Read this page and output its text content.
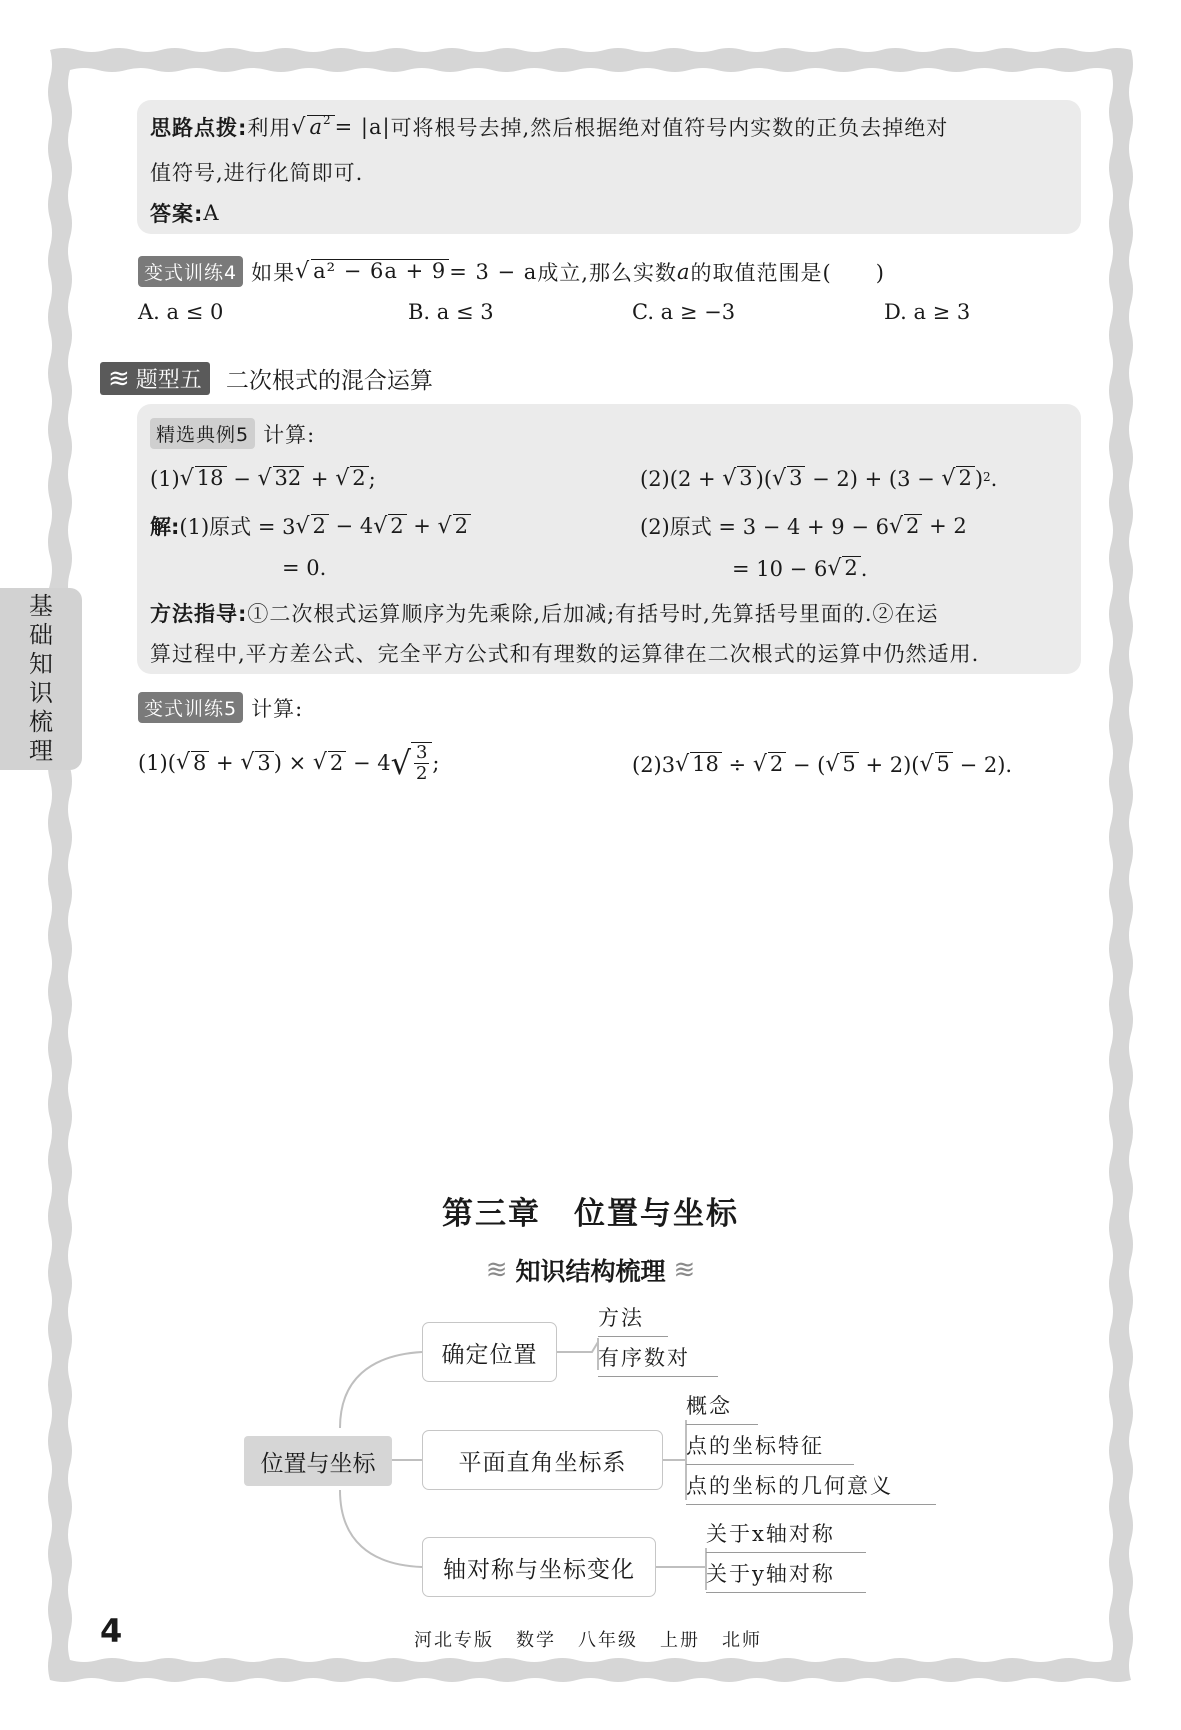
基
础
知
识
梳
理
思路点拨: 利用 √ $a^2 = |a|$ 可将根号去掉,然后根据绝对值符号内实数的正负去掉绝对
值符号,进行化简即可.
答案: A
变式训练4 如果 √ a² − 6a + 9 = 3 − a 成立,那么实数 a 的取值范围是(　　)
A. a ≤ 0	B. a ≤ 3	C. a ≥ −3	D. a ≥ 3
≋ 题型五 二次根式的混合运算
精选典例5 计算:
(1) √ 18 − √ 32 + √ 2 ;	(2) (2 + √ 3 )( √ 3 − 2) + (3 − √ 2 )$^2$ .
解: (1)原式 = 3 √ 2 − 4 √ 2 + √ 2	(2)原式 = 3 − 4 + 9 − 6 √ 2 + 2
= 0.	= 10 − 6 √ 2 .
方法指导: ①二次根式运算顺序为先乘除,后加减;有括号时,先算括号里面的.②在运
算过程中,平方差公式、完全平方公式和有理数的运算律在二次根式的运算中仍然适用.
变式训练5 计算:
(1) ( √ 8 + √ 3 ) × √ 2 − 4 √ $\frac{3}{2}$ ;	(2)3 √ 18 ÷ √ 2 − ( √ 5 + 2)( √ 5 − 2).
第三章　位置与坐标
≋ 知识结构梳理 ≋
位置与坐标
确定位置
平面直角坐标系
轴对称与坐标变化
方法
有序数对
概念
点的坐标特征
点的坐标的几何意义
关于x轴对称
关于y轴对称
4	河北专版 数学 八年级 上册 北师
